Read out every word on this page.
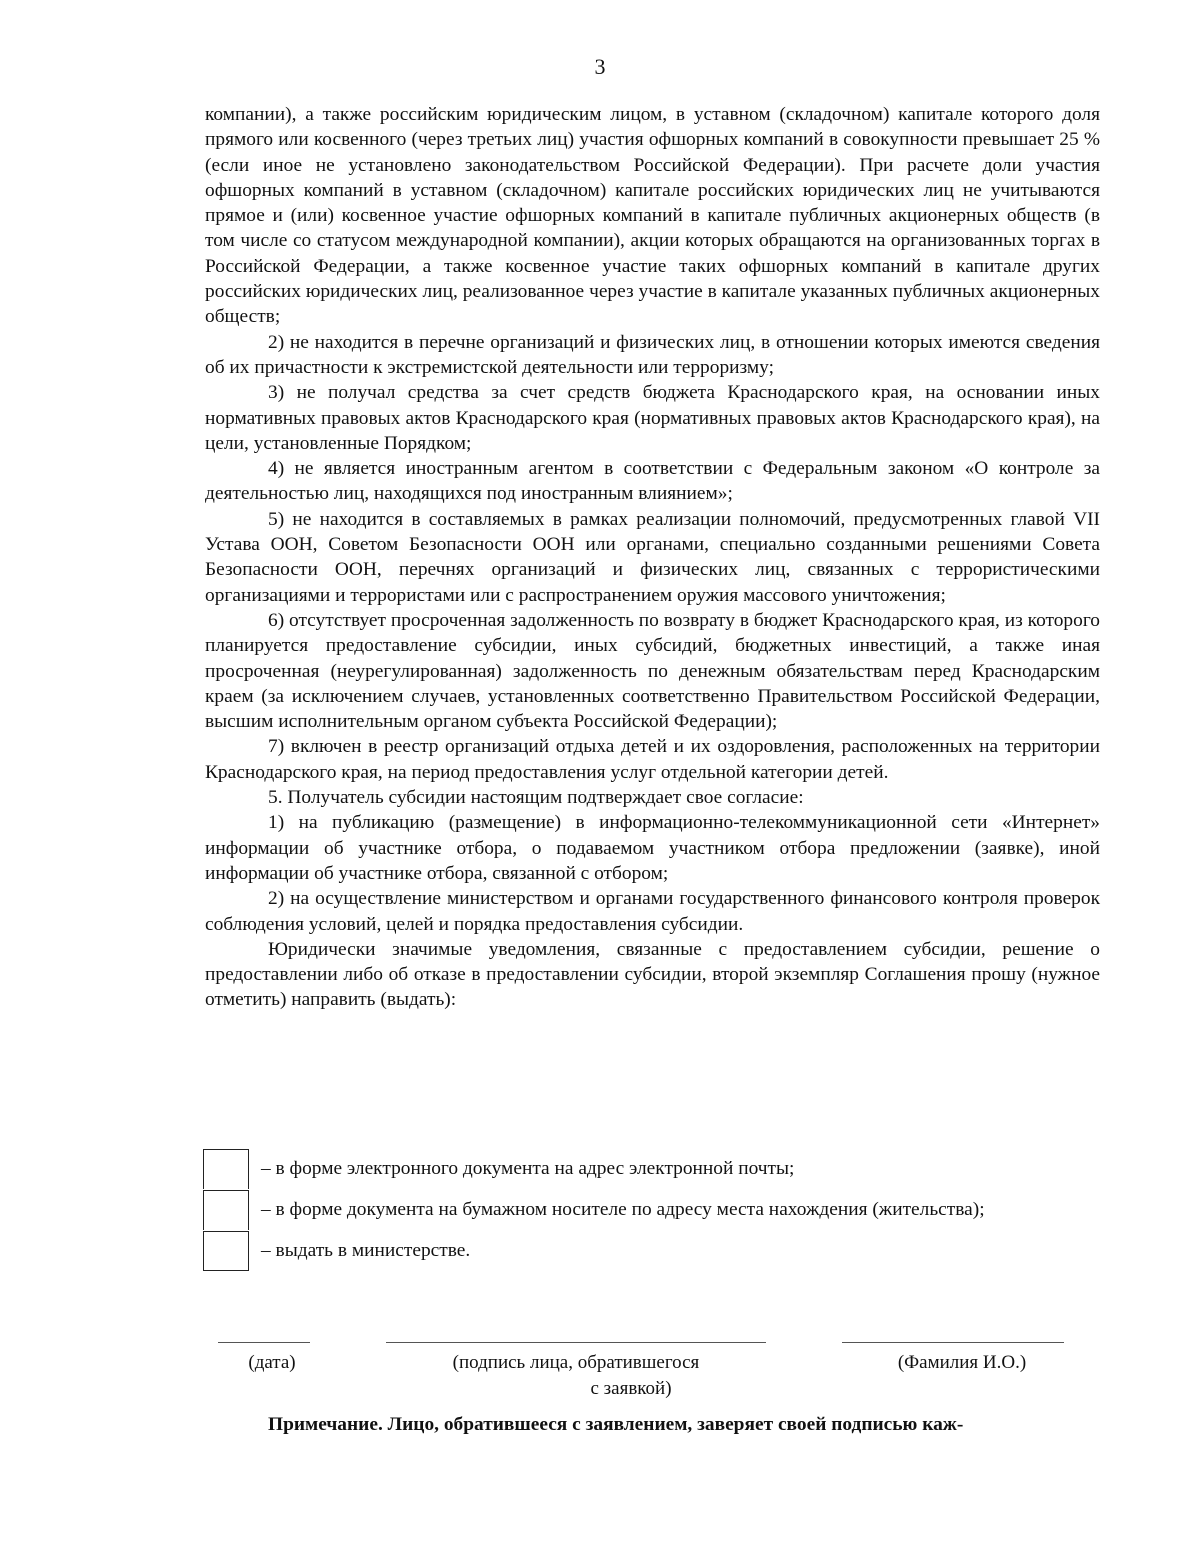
3

компании), а также российским юридическим лицом, в уставном (складочном) капитале которого доля прямого или косвенного (через третьих лиц) участия офшорных компаний в совокупности превышает 25 % (если иное не установлено законодательством Российской Федерации). При расчете доли участия офшорных компаний в уставном (складочном) капитале российских юридических лиц не учитываются прямое и (или) косвенное участие офшорных компаний в капитале публичных акционерных обществ (в том числе со статусом международной компании), акции которых обращаются на организованных торгах в Российской Федерации, а также косвенное участие таких офшорных компаний в капитале других российских юридических лиц, реализованное через участие в капитале указанных публичных акционерных обществ;

2) не находится в перечне организаций и физических лиц, в отношении которых имеются сведения об их причастности к экстремистской деятельности или терроризму;

3) не получал средства за счет средств бюджета Краснодарского края, на основании иных нормативных правовых актов Краснодарского края (нормативных правовых актов Краснодарского края), на цели, установленные Порядком;

4) не является иностранным агентом в соответствии с Федеральным законом «О контроле за деятельностью лиц, находящихся под иностранным влиянием»;

5) не находится в составляемых в рамках реализации полномочий, предусмотренных главой VII Устава ООН, Советом Безопасности ООН или органами, специально созданными решениями Совета Безопасности ООН, перечнях организаций и физических лиц, связанных с террористическими организациями и террористами или с распространением оружия массового уничтожения;

6) отсутствует просроченная задолженность по возврату в бюджет Краснодарского края, из которого планируется предоставление субсидии, иных субсидий, бюджетных инвестиций, а также иная просроченная (неурегулированная) задолженность по денежным обязательствам перед Краснодарским краем (за исключением случаев, установленных соответственно Правительством Российской Федерации, высшим исполнительным органом субъекта Российской Федерации);

7) включен в реестр организаций отдыха детей и их оздоровления, расположенных на территории Краснодарского края, на период предоставления услуг отдельной категории детей.

5. Получатель субсидии настоящим подтверждает свое согласие:

1) на публикацию (размещение) в информационно-телекоммуникационной сети «Интернет» информации об участнике отбора, о подаваемом участником отбора предложении (заявке), иной информации об участнике отбора, связанной с отбором;

2) на осуществление министерством и органами государственного финансового контроля проверок соблюдения условий, целей и порядка предоставления субсидии.

Юридически значимые уведомления, связанные с предоставлением субсидии, решение о предоставлении либо об отказе в предоставлении субсидии, второй экземпляр Соглашения прошу (нужное отметить) направить (выдать):

– в форме электронного документа на адрес электронной почты;
– в форме документа на бумажном носителе по адресу места нахождения (жительства);
– выдать в министерстве.
(дата)	(подпись лица, обратившегося
с заявкой)
(Фамилия И.О.)
Примечание. Лицо, обратившееся с заявлением, заверяет своей подписью каж-
